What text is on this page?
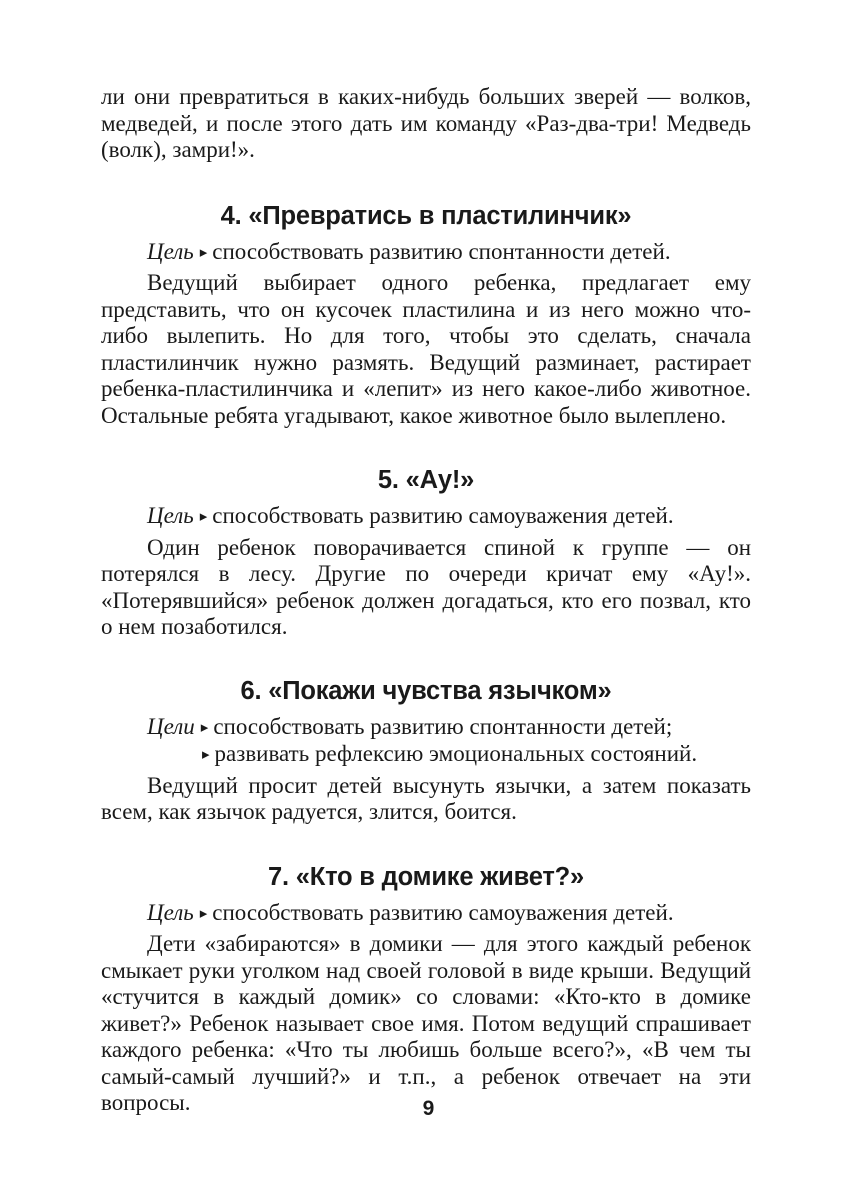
ли они превратиться в каких-нибудь больших зверей — волков, медведей, и после этого дать им команду «Раз-два-три! Медведь (волк), замри!».

4. «Превратись в пластилинчик»
Цель ▸ способствовать развитию спонтанности детей.

Ведущий выбирает одного ребенка, предлагает ему представить, что он кусочек пластилина и из него можно что-либо вылепить. Но для того, чтобы это сделать, сначала пластилинчик нужно размять. Ведущий разминает, растирает ребенка-пластилинчика и «лепит» из него какое-либо животное. Остальные ребята угадывают, какое животное было вылеплено.

5. «Ау!»
Цель ▸ способствовать развитию самоуважения детей.

Один ребенок поворачивается спиной к группе — он потерялся в лесу. Другие по очереди кричат ему «Ау!». «Потерявшийся» ребенок должен догадаться, кто его позвал, кто о нем позаботился.

6. «Покажи чувства язычком»
Цели ▸ способствовать развитию спонтанности детей;
▸ развивать рефлексию эмоциональных состояний.

Ведущий просит детей высунуть язычки, а затем показать всем, как язычок радуется, злится, боится.

7. «Кто в домике живет?»
Цель ▸ способствовать развитию самоуважения детей.

Дети «забираются» в домики — для этого каждый ребенок смыкает руки уголком над своей головой в виде крыши. Ведущий «стучится в каждый домик» со словами: «Кто-кто в домике живет?» Ребенок называет свое имя. Потом ведущий спрашивает каждого ребенка: «Что ты любишь больше всего?», «В чем ты самый-самый лучший?» и т.п., а ребенок отвечает на эти вопросы.	9
